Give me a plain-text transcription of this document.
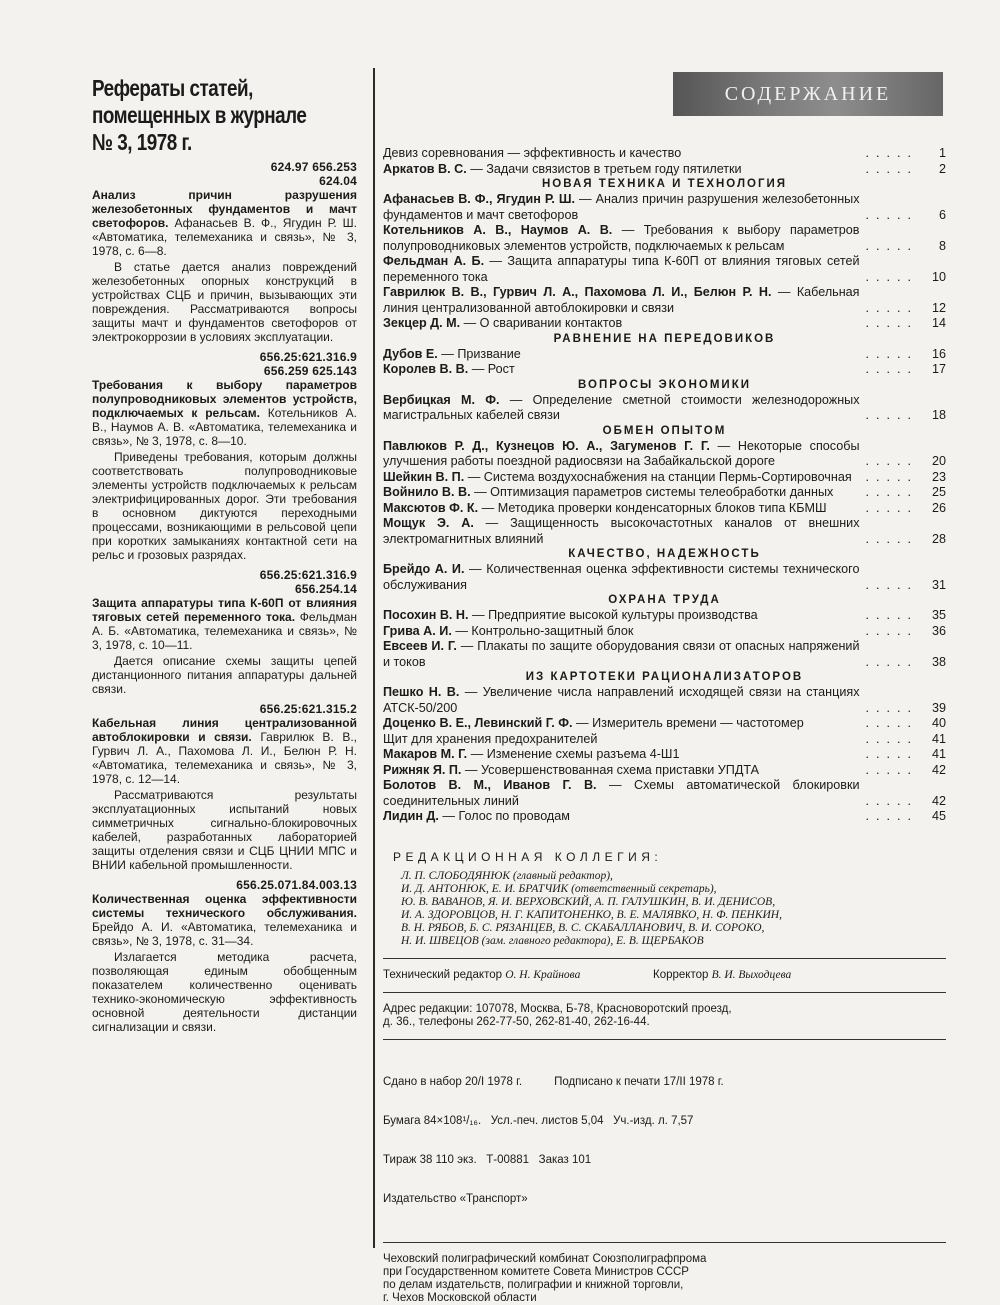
Рефераты статей,
помещенных в журнале
№ 3, 1978 г.
624.97 656.253
624.04

Анализ причин разрушения железобетонных фундаментов и мачт светофоров. Афанасьев В. Ф., Ягудин Р. Ш. «Автоматика, телемеханика и связь», № 3, 1978, с. 6—8.

В статье дается анализ повреждений железобетонных опорных конструкций в устройствах СЦБ и причин, вызывающих эти повреждения. Рассматриваются вопросы защиты мачт и фундаментов светофоров от электрокоррозии в условиях эксплуатации.

656.25:621.316.9
656.259 625.143

Требования к выбору параметров полупроводниковых элементов устройств, подключаемых к рельсам. Котельников А. В., Наумов А. В. «Автоматика, телемеханика и связь», № 3, 1978, с. 8—10.

Приведены требования, которым должны соответствовать полупроводниковые элементы устройств подключаемых к рельсам электрифицированных дорог. Эти требования в основном диктуются переходными процессами, возникающими в рельсовой цепи при коротких замыканиях контактной сети на рельс и грозовых разрядах.

656.25:621.316.9
656.254.14

Защита аппаратуры типа К-60П от влияния тяговых сетей переменного тока. Фельдман А. Б. «Автоматика, телемеханика и связь», № 3, 1978, с. 10—11.

Дается описание схемы защиты цепей дистанционного питания аппаратуры дальней связи.

656.25:621.315.2

Кабельная линия централизованной автоблокировки и связи. Гаврилюк В. В., Гурвич Л. А., Пахомова Л. И., Белюн Р. Н. «Автоматика, телемеханика и связь», № 3, 1978, с. 12—14.

Рассматриваются результаты эксплуатационных испытаний новых симметричных сигнально-блокировочных кабелей, разработанных лабораторией защиты отделения связи и СЦБ ЦНИИ МПС и ВНИИ кабельной промышленности.

656.25.071.84.003.13

Количественная оценка эффективности системы технического обслуживания. Брейдо А. И. «Автоматика, телемеханика и связь», № 3, 1978, с. 31—34.

Излагается методика расчета, позволяющая единым обобщенным показателем количественно оценивать технико-экономическую эффективность основной деятельности дистанции сигнализации и связи.

СОДЕРЖАНИЕ
Девиз соревнования — эффективность и качество	.....	1
Аркатов В. С. — Задачи связистов в третьем году пятилетки	.....	2
НОВАЯ ТЕХНИКА И ТЕХНОЛОГИЯ
Афанасьев В. Ф., Ягудин Р. Ш. — Анализ причин разрушения железобетонных фундаментов и мачт светофоров	.....	6
Котельников А. В., Наумов А. В. — Требования к выбору параметров полупроводниковых элементов устройств, подключаемых к рельсам	.....	8
Фельдман А. Б. — Защита аппаратуры типа К-60П от влияния тяговых сетей переменного тока	.....	10
Гаврилюк В. В., Гурвич Л. А., Пахомова Л. И., Белюн Р. Н. — Кабельная линия централизованной автоблокировки и связи	.....	12
Зекцер Д. М. — О сваривании контактов	.....	14
РАВНЕНИЕ НА ПЕРЕДОВИКОВ
Дубов Е. — Призвание	.....	16
Королев В. В. — Рост	.....	17
ВОПРОСЫ ЭКОНОМИКИ
Вербицкая М. Ф. — Определение сметной стоимости железнодорожных магистральных кабелей связи	.....	18
ОБМЕН ОПЫТОМ
Павлюков Р. Д., Кузнецов Ю. А., Загуменов Г. Г. — Некоторые способы улучшения работы поездной радиосвязи на Забайкальской дороге	.....	20
Шейкин В. П. — Система воздухоснабжения на станции Пермь-Сортировочная	.....	23
Войнило В. В. — Оптимизация параметров системы телеобработки данных	.....	25
Максютов Ф. К. — Методика проверки конденсаторных блоков типа КБМШ	.....	26
Мощук Э. А. — Защищенность высокочастотных каналов от внешних электромагнитных влияний	.....	28
КАЧЕСТВО, НАДЕЖНОСТЬ
Брейдо А. И. — Количественная оценка эффективности системы технического обслуживания	.....	31
ОХРАНА ТРУДА
Посохин В. Н. — Предприятие высокой культуры производства	.....	35
Грива А. И. — Контрольно-защитный блок	.....	36
Евсеев И. Г. — Плакаты по защите оборудования связи от опасных напряжений и токов	.....	38
ИЗ КАРТОТЕКИ РАЦИОНАЛИЗАТОРОВ
Пешко Н. В. — Увеличение числа направлений исходящей связи на станциях АТСК-50/200	.....	39
Доценко В. Е., Левинский Г. Ф. — Измеритель времени — частотомер	.....	40
Щит для хранения предохранителей	.....	41
Макаров М. Г. — Изменение схемы разъема 4-Ш1	.....	41
Рижняк Я. П. — Усовершенствованная схема приставки УПДТА	.....	42
Болотов В. М., Иванов Г. В. — Схемы автоматической блокировки соединительных линий	.....	42
Лидин Д. — Голос по проводам	.....	45
РЕДАКЦИОННАЯ КОЛЛЕГИЯ:
Л. П. СЛОБОДЯНЮК (главный редактор),
И. Д. АНТОНЮК, Е. И. БРАТЧИК (ответственный секретарь),
Ю. В. ВАВАНОВ, Я. И. ВЕРХОВСКИЙ, А. П. ГАЛУШКИН, В. И. ДЕНИСОВ,
И. А. ЗДОРОВЦОВ, Н. Г. КАПИТОНЕНКО, В. Е. МАЛЯВКО, Н. Ф. ПЕНКИН,
В. Н. РЯБОВ, Б. С. РЯЗАНЦЕВ, В. С. СКАБАЛЛАНОВИЧ, В. И. СОРОКО,
Н. И. ШВЕЦОВ (зам. главного редактора), Е. В. ЩЕРБАКОВ
Технический редактор О. Н. Крайнова	Корректор В. И. Выходцева
Адрес редакции: 107078, Москва, Б-78, Красноворотский проезд,
д. 36., телефоны 262-77-50, 262-81-40, 262-16-44.

Сдано в набор 20/I 1978 г.          Подписано к печати 17/II 1978 г.

Бумага 84×108¹/₁₆.   Усл.-печ. листов 5,04   Уч.-изд. л. 7,57

Тираж 38 110 экз.   Т-00881   Заказ 101

Издательство «Транспорт»

Чеховский полиграфический комбинат Союзполиграфпрома
при Государственном комитете Совета Министров СССР
по делам издательств, полиграфии и книжной торговли,
г. Чехов Московской области
